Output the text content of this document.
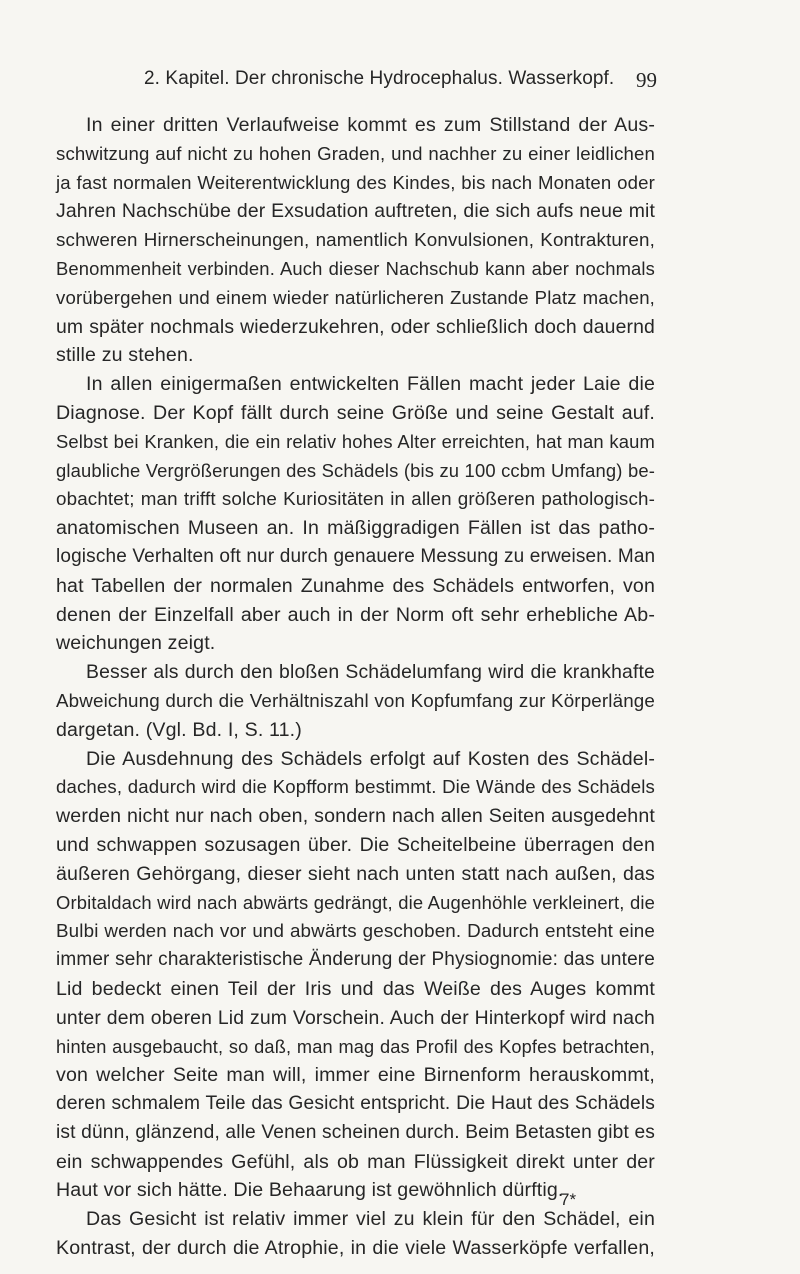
2. Kapitel. Der chronische Hydrocephalus. Wasserkopf. 99
In einer dritten Verlaufweise kommt es zum Stillstand der Aus-
schwitzung auf nicht zu hohen Graden, und nachher zu einer leidlichen
ja fast normalen Weiterentwicklung des Kindes, bis nach Monaten oder
Jahren Nachschübe der Exsudation auftreten, die sich aufs neue mit
schweren Hirnerscheinungen, namentlich Konvulsionen, Kontrakturen,
Benommenheit verbinden. Auch dieser Nachschub kann aber nochmals
vorübergehen und einem wieder natürlicheren Zustande Platz machen,
um später nochmals wiederzukehren, oder schließlich doch dauernd
stille zu stehen.
In allen einigermaßen entwickelten Fällen macht jeder Laie die
Diagnose. Der Kopf fällt durch seine Größe und seine Gestalt auf.
Selbst bei Kranken, die ein relativ hohes Alter erreichten, hat man kaum
glaubliche Vergrößerungen des Schädels (bis zu 100 ccbm Umfang) be-
obachtet; man trifft solche Kuriositäten in allen größeren pathologisch-
anatomischen Museen an. In mäßiggradigen Fällen ist das patho-
logische Verhalten oft nur durch genauere Messung zu erweisen. Man
hat Tabellen der normalen Zunahme des Schädels entworfen, von
denen der Einzelfall aber auch in der Norm oft sehr erhebliche Ab-
weichungen zeigt.
Besser als durch den bloßen Schädelumfang wird die krankhafte
Abweichung durch die Verhältniszahl von Kopfumfang zur Körperlänge
dargetan. (Vgl. Bd. I, S. 11.)
Die Ausdehnung des Schädels erfolgt auf Kosten des Schädel-
daches, dadurch wird die Kopfform bestimmt. Die Wände des Schädels
werden nicht nur nach oben, sondern nach allen Seiten ausgedehnt
und schwappen sozusagen über. Die Scheitelbeine überragen den
äußeren Gehörgang, dieser sieht nach unten statt nach außen, das
Orbitaldach wird nach abwärts gedrängt, die Augenhöhle verkleinert, die
Bulbi werden nach vor und abwärts geschoben. Dadurch entsteht eine
immer sehr charakteristische Änderung der Physiognomie: das untere
Lid bedeckt einen Teil der Iris und das Weiße des Auges kommt
unter dem oberen Lid zum Vorschein. Auch der Hinterkopf wird nach
hinten ausgebaucht, so daß, man mag das Profil des Kopfes betrachten,
von welcher Seite man will, immer eine Birnenform herauskommt,
deren schmalem Teile das Gesicht entspricht. Die Haut des Schädels
ist dünn, glänzend, alle Venen scheinen durch. Beim Betasten gibt es
ein schwappendes Gefühl, als ob man Flüssigkeit direkt unter der
Haut vor sich hätte. Die Behaarung ist gewöhnlich dürftig.
Das Gesicht ist relativ immer viel zu klein für den Schädel, ein
Kontrast, der durch die Atrophie, in die viele Wasserköpfe verfallen,
7*
